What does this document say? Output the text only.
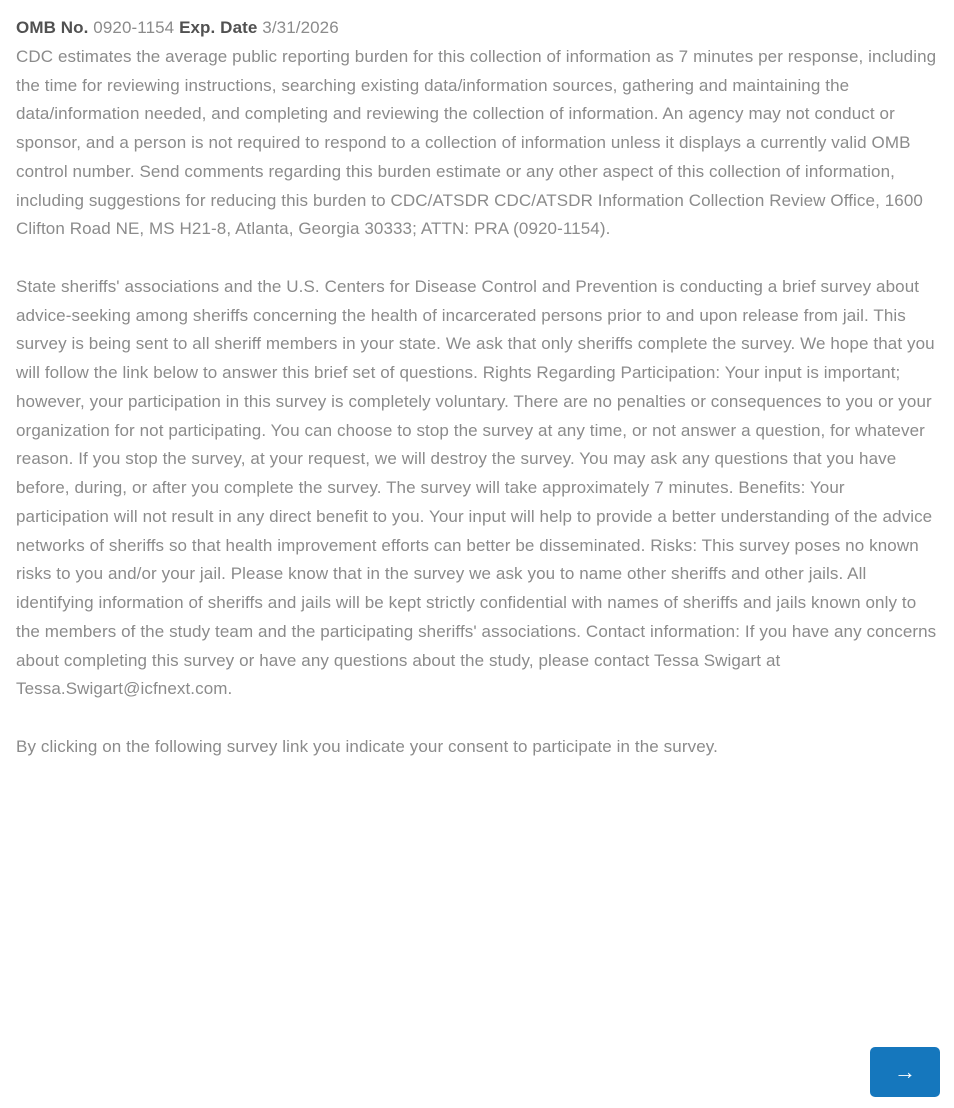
OMB No. 0920-1154 Exp. Date 3/31/2026

CDC estimates the average public reporting burden for this collection of information as 7 minutes per response, including the time for reviewing instructions, searching existing data/information sources, gathering and maintaining the data/information needed, and completing and reviewing the collection of information. An agency may not conduct or sponsor, and a person is not required to respond to a collection of information unless it displays a currently valid OMB control number. Send comments regarding this burden estimate or any other aspect of this collection of information, including suggestions for reducing this burden to CDC/ATSDR CDC/ATSDR Information Collection Review Office, 1600 Clifton Road NE, MS H21-8, Atlanta, Georgia 30333; ATTN: PRA (0920-1154).

State sheriffs' associations and the U.S. Centers for Disease Control and Prevention is conducting a brief survey about advice-seeking among sheriffs concerning the health of incarcerated persons prior to and upon release from jail. This survey is being sent to all sheriff members in your state. We ask that only sheriffs complete the survey. We hope that you will follow the link below to answer this brief set of questions. Rights Regarding Participation: Your input is important; however, your participation in this survey is completely voluntary. There are no penalties or consequences to you or your organization for not participating. You can choose to stop the survey at any time, or not answer a question, for whatever reason. If you stop the survey, at your request, we will destroy the survey. You may ask any questions that you have before, during, or after you complete the survey. The survey will take approximately 7 minutes. Benefits: Your participation will not result in any direct benefit to you. Your input will help to provide a better understanding of the advice networks of sheriffs so that health improvement efforts can better be disseminated. Risks: This survey poses no known risks to you and/or your jail. Please know that in the survey we ask you to name other sheriffs and other jails. All identifying information of sheriffs and jails will be kept strictly confidential with names of sheriffs and jails known only to the members of the study team and the participating sheriffs' associations. Contact information: If you have any concerns about completing this survey or have any questions about the study, please contact Tessa Swigart at Tessa.Swigart@icfnext.com.

By clicking on the following survey link you indicate your consent to participate in the survey.

→
